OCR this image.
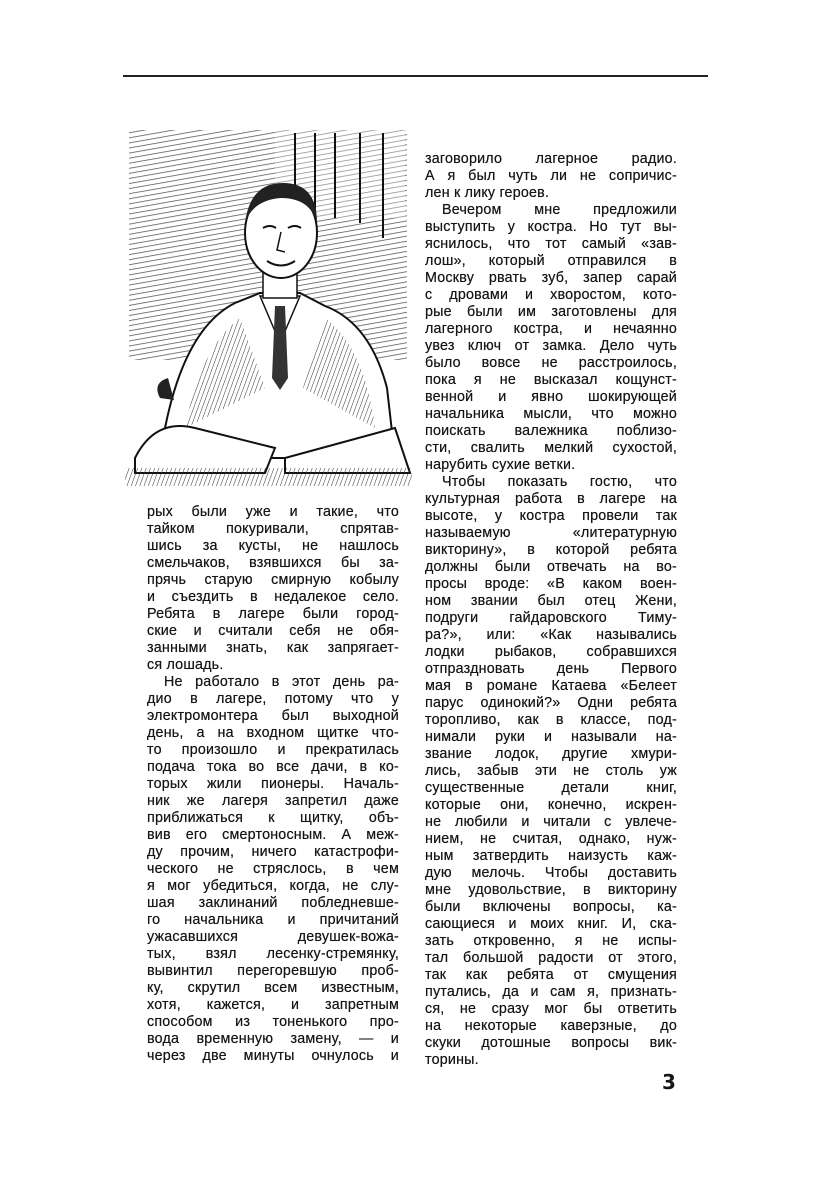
рых были уже и такие, что
тайком покуривали, спрятав-
шись за кусты, не нашлось
смельчаков, взявшихся бы за-
прячь старую смирную кобылу
и съездить в недалекое село.
Ребята в лагере были город-
ские и считали себя не обя-
занными знать, как запрягает-
ся лошадь.
Не работало в этот день ра-
дио в лагере, потому что у
электромонтера был выходной
день, а на входном щитке что-
то произошло и прекратилась
подача тока во все дачи, в ко-
торых жили пионеры. Началь-
ник же лагеря запретил даже
приближаться к щитку, объ-
вив его смертоносным. А меж-
ду прочим, ничего катастрофи-
ческого не стряслось, в чем
я мог убедиться, когда, не слу-
шая заклинаний побледневше-
го начальника и причитаний
ужасавшихся девушек-вожа-
тых, взял лесенку-стремянку,
вывинтил перегоревшую проб-
ку, скрутил всем известным,
хотя, кажется, и запретным
способом из тоненького про-
вода временную замену, — и
через две минуты очнулось и
заговорило лагерное радио.
А я был чуть ли не сопричис-
лен к лику героев.
Вечером мне предложили
выступить у костра. Но тут вы-
яснилось, что тот самый «зав-
лош», который отправился в
Москву рвать зуб, запер сарай
с дровами и хворостом, кото-
рые были им заготовлены для
лагерного костра, и нечаянно
увез ключ от замка. Дело чуть
было вовсе не расстроилось,
пока я не высказал кощунст-
венной и явно шокирующей
начальника мысли, что можно
поискать валежника поблизо-
сти, свалить мелкий сухостой,
нарубить сухие ветки.
Чтобы показать гостю, что
культурная работа в лагере на
высоте, у костра провели так
называемую «литературную
викторину», в которой ребята
должны были отвечать на во-
просы вроде: «В каком воен-
ном звании был отец Жени,
подруги гайдаровского Тиму-
ра?», или: «Как назывались
лодки рыбаков, собравшихся
отпраздновать день Первого
мая в романе Катаева «Белеет
парус одинокий?» Одни ребята
торопливо, как в классе, под-
нимали руки и называли на-
звание лодок, другие хмури-
лись, забыв эти не столь уж
существенные детали книг,
которые они, конечно, искрен-
не любили и читали с увлече-
нием, не считая, однако, нуж-
ным затвердить наизусть каж-
дую мелочь. Чтобы доставить
мне удовольствие, в викторину
были включены вопросы, ка-
сающиеся и моих книг. И, ска-
зать откровенно, я не испы-
тал большой радости от этого,
так как ребята от смущения
путались, да и сам я, признать-
ся, не сразу мог бы ответить
на некоторые каверзные, до
скуки дотошные вопросы вик-
торины.
3
